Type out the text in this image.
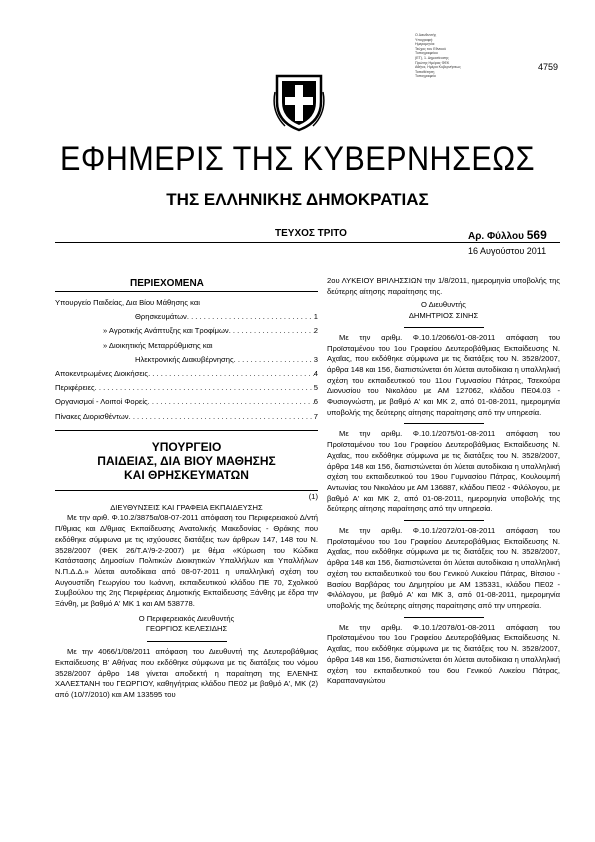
Ο Διευθυντής
Υπογραφή:
Ημερομηνία:
Τεύχος του Εθνικού
Τυπογραφείου
(ΕΤ), 1. Δημοσίευσης
Πρώτης Ημέρας ΦΕΚ
Αθήνα, Ημέρα Κυβερνήσεως
Τοποθέτηση
Τυπογραφείο
4759
ΕΦΗΜΕΡΙΣ ΤΗΣ ΚΥΒΕΡΝΗΣΕΩΣ
ΤΗΣ ΕΛΛΗΝΙΚΗΣ ΔΗΜΟΚΡΑΤΙΑΣ
ΤΕΥΧΟΣ ΤΡΙΤΟ	Αρ. Φύλλου 569
16 Αυγούστου 2011
ΠΕΡΙΕΧΟΜΕΝΑ
Υπουργείο Παιδείας, Δια Βίου Μάθησης και
Θρησκευμάτων . . .	1
» Αγροτικής Ανάπτυξης και Τροφίμων . . .	2
» Διοικητικής Μεταρρύθμισης και
Ηλεκτρονικής Διακυβέρνησης . . .	3
Αποκεντρωμένες Διοικήσεις . . .	4
Περιφέρειες . . .	5
Οργανισμοί - Λοιποί Φορείς . . .	6
Πίνακες Διορισθέντων . . .	7
ΥΠΟΥΡΓΕΙΟ
ΠΑΙΔΕΙΑΣ, ΔΙΑ ΒΙΟΥ ΜΑΘΗΣΗΣ
ΚΑΙ ΘΡΗΣΚΕΥΜΑΤΩΝ
(1)
ΔΙΕΥΘΥΝΣΕΙΣ ΚΑΙ ΓΡΑΦΕΙΑ ΕΚΠΑΙΔΕΥΣΗΣ

Με την αριθ. Φ.10.2/3875α/08-07-2011 απόφαση του Περιφερειακού Δ/ντή Π/θμιας και Δ/θμιας Εκπαίδευσης Ανατολικής Μακεδονίας - Θράκης που εκδόθηκε σύμφωνα με τις ισχύουσες διατάξεις των άρθρων 147, 148 του Ν. 3528/2007 (ΦΕΚ 26/Τ.Α'/9-2-2007) με θέμα «Κύρωση του Κώδικα Κατάστασης Δημοσίων Πολιτικών Διοικητικών Υπαλλήλων και Υπαλλήλων Ν.Π.Δ.Δ.» λύεται αυτοδίκαια από 08-07-2011 η υπαλληλική σχέση του Αυγουστίδη Γεωργίου του Ιωάννη, εκπαιδευτικού κλάδου ΠΕ 70, Σχολικού Συμβούλου της 2ης Περιφέρειας Δημοτικής Εκπαίδευσης Ξάνθης με έδρα την Ξάνθη, με βαθμό Α' ΜΚ 1 και ΑΜ 538778.

Ο Περιφερειακός Διευθυντής
ΓΕΩΡΓΙΟΣ ΚΕΛΕΣΙΔΗΣ

Με την 4066/1/08/2011 απόφαση του Διευθυντή της Δευτεροβάθμιας Εκπαίδευσης Β' Αθήνας που εκδόθηκε σύμφωνα με τις διατάξεις του νόμου 3528/2007 άρθρο 148 γίνεται αποδεκτή η παραίτηση της ΕΛΕΝΗΣ ΧΑΛΕΣΤΑΝΗ του ΓΕΩΡΓΙΟΥ, καθηγήτριας κλάδου ΠΕ02 με βαθμό Α', ΜΚ (2) από (10/7/2010) και ΑΜ 133595 του

2ου ΛΥΚΕΙΟΥ ΒΡΙΛΗΣΣΙΩΝ την 1/8/2011, ημερομηνία υποβολής της δεύτερης αίτησης παραίτησης της.

Ο Διευθυντής
ΔΗΜΗΤΡΙΟΣ ΣΙΝΗΣ

Με την αριθμ. Φ.10.1/2066/01-08-2011 απόφαση του Προϊσταμένου του 1ου Γραφείου Δευτεροβάθμιας Εκπαίδευσης Ν. Αχαΐας, που εκδόθηκε σύμφωνα με τις διατάξεις του Ν. 3528/2007, άρθρα 148 και 156, διαπιστώνεται ότι λύεται αυτοδίκαια η υπαλληλική σχέση του εκπαιδευτικού του 11ου Γυμνασίου Πάτρας, Τσεκούρα Διονυσίου του Νικολάου με ΑΜ 127062, κλάδου ΠΕ04.03 - Φυσιογνώστη, με βαθμό Α' και ΜΚ 2, από 01-08-2011, ημερομηνία υποβολής της δεύτερης αίτησης παραίτησης από την υπηρεσία.

Με την αριθμ. Φ.10.1/2075/01-08-2011 απόφαση του Προϊσταμένου του 1ου Γραφείου Δευτεροβάθμιας Εκπαίδευσης Ν. Αχαΐας, που εκδόθηκε σύμφωνα με τις διατάξεις του Ν. 3528/2007, άρθρα 148 και 156, διαπιστώνεται ότι λύεται αυτοδίκαια η υπαλληλική σχέση του εκπαιδευτικού του 19ου Γυμνασίου Πάτρας, Κουλουμπή Αντωνίας του Νικολάου με ΑΜ 136887, κλάδου ΠΕ02 - Φιλόλογου, με βαθμό Α' και ΜΚ 2, από 01-08-2011, ημερομηνία υποβολής της δεύτερης αίτησης παραίτησης από την υπηρεσία.

Με την αριθμ. Φ.10.1/2072/01-08-2011 απόφαση του Προϊσταμένου του 1ου Γραφείου Δευτεροβάθμιας Εκπαίδευσης Ν. Αχαΐας, που εκδόθηκε σύμφωνα με τις διατάξεις του Ν. 3528/2007, άρθρα 148 και 156, διαπιστώνεται ότι λύεται αυτοδίκαια η υπαλληλική σχέση του εκπαιδευτικού του 6ου Γενικού Λυκείου Πάτρας, Βίτσιου - Βασίου Βαρβάρας του Δημητρίου με ΑΜ 135331, κλάδου ΠΕ02 - Φιλόλογου, με βαθμό Α' και ΜΚ 3, από 01-08-2011, ημερομηνία υποβολής της δεύτερης αίτησης παραίτησης από την υπηρεσία.

Με την αριθμ. Φ.10.1/2078/01-08-2011 απόφαση του Προϊσταμένου του 1ου Γραφείου Δευτεροβάθμιας Εκπαίδευσης Ν. Αχαΐας, που εκδόθηκε σύμφωνα με τις διατάξεις του Ν. 3528/2007, άρθρα 148 και 156, διαπιστώνεται ότι λύεται αυτοδίκαια η υπαλληλική σχέση του εκπαιδευτικού του 6ου Γενικού Λυκείου Πάτρας, Καραπαναγιώτου
